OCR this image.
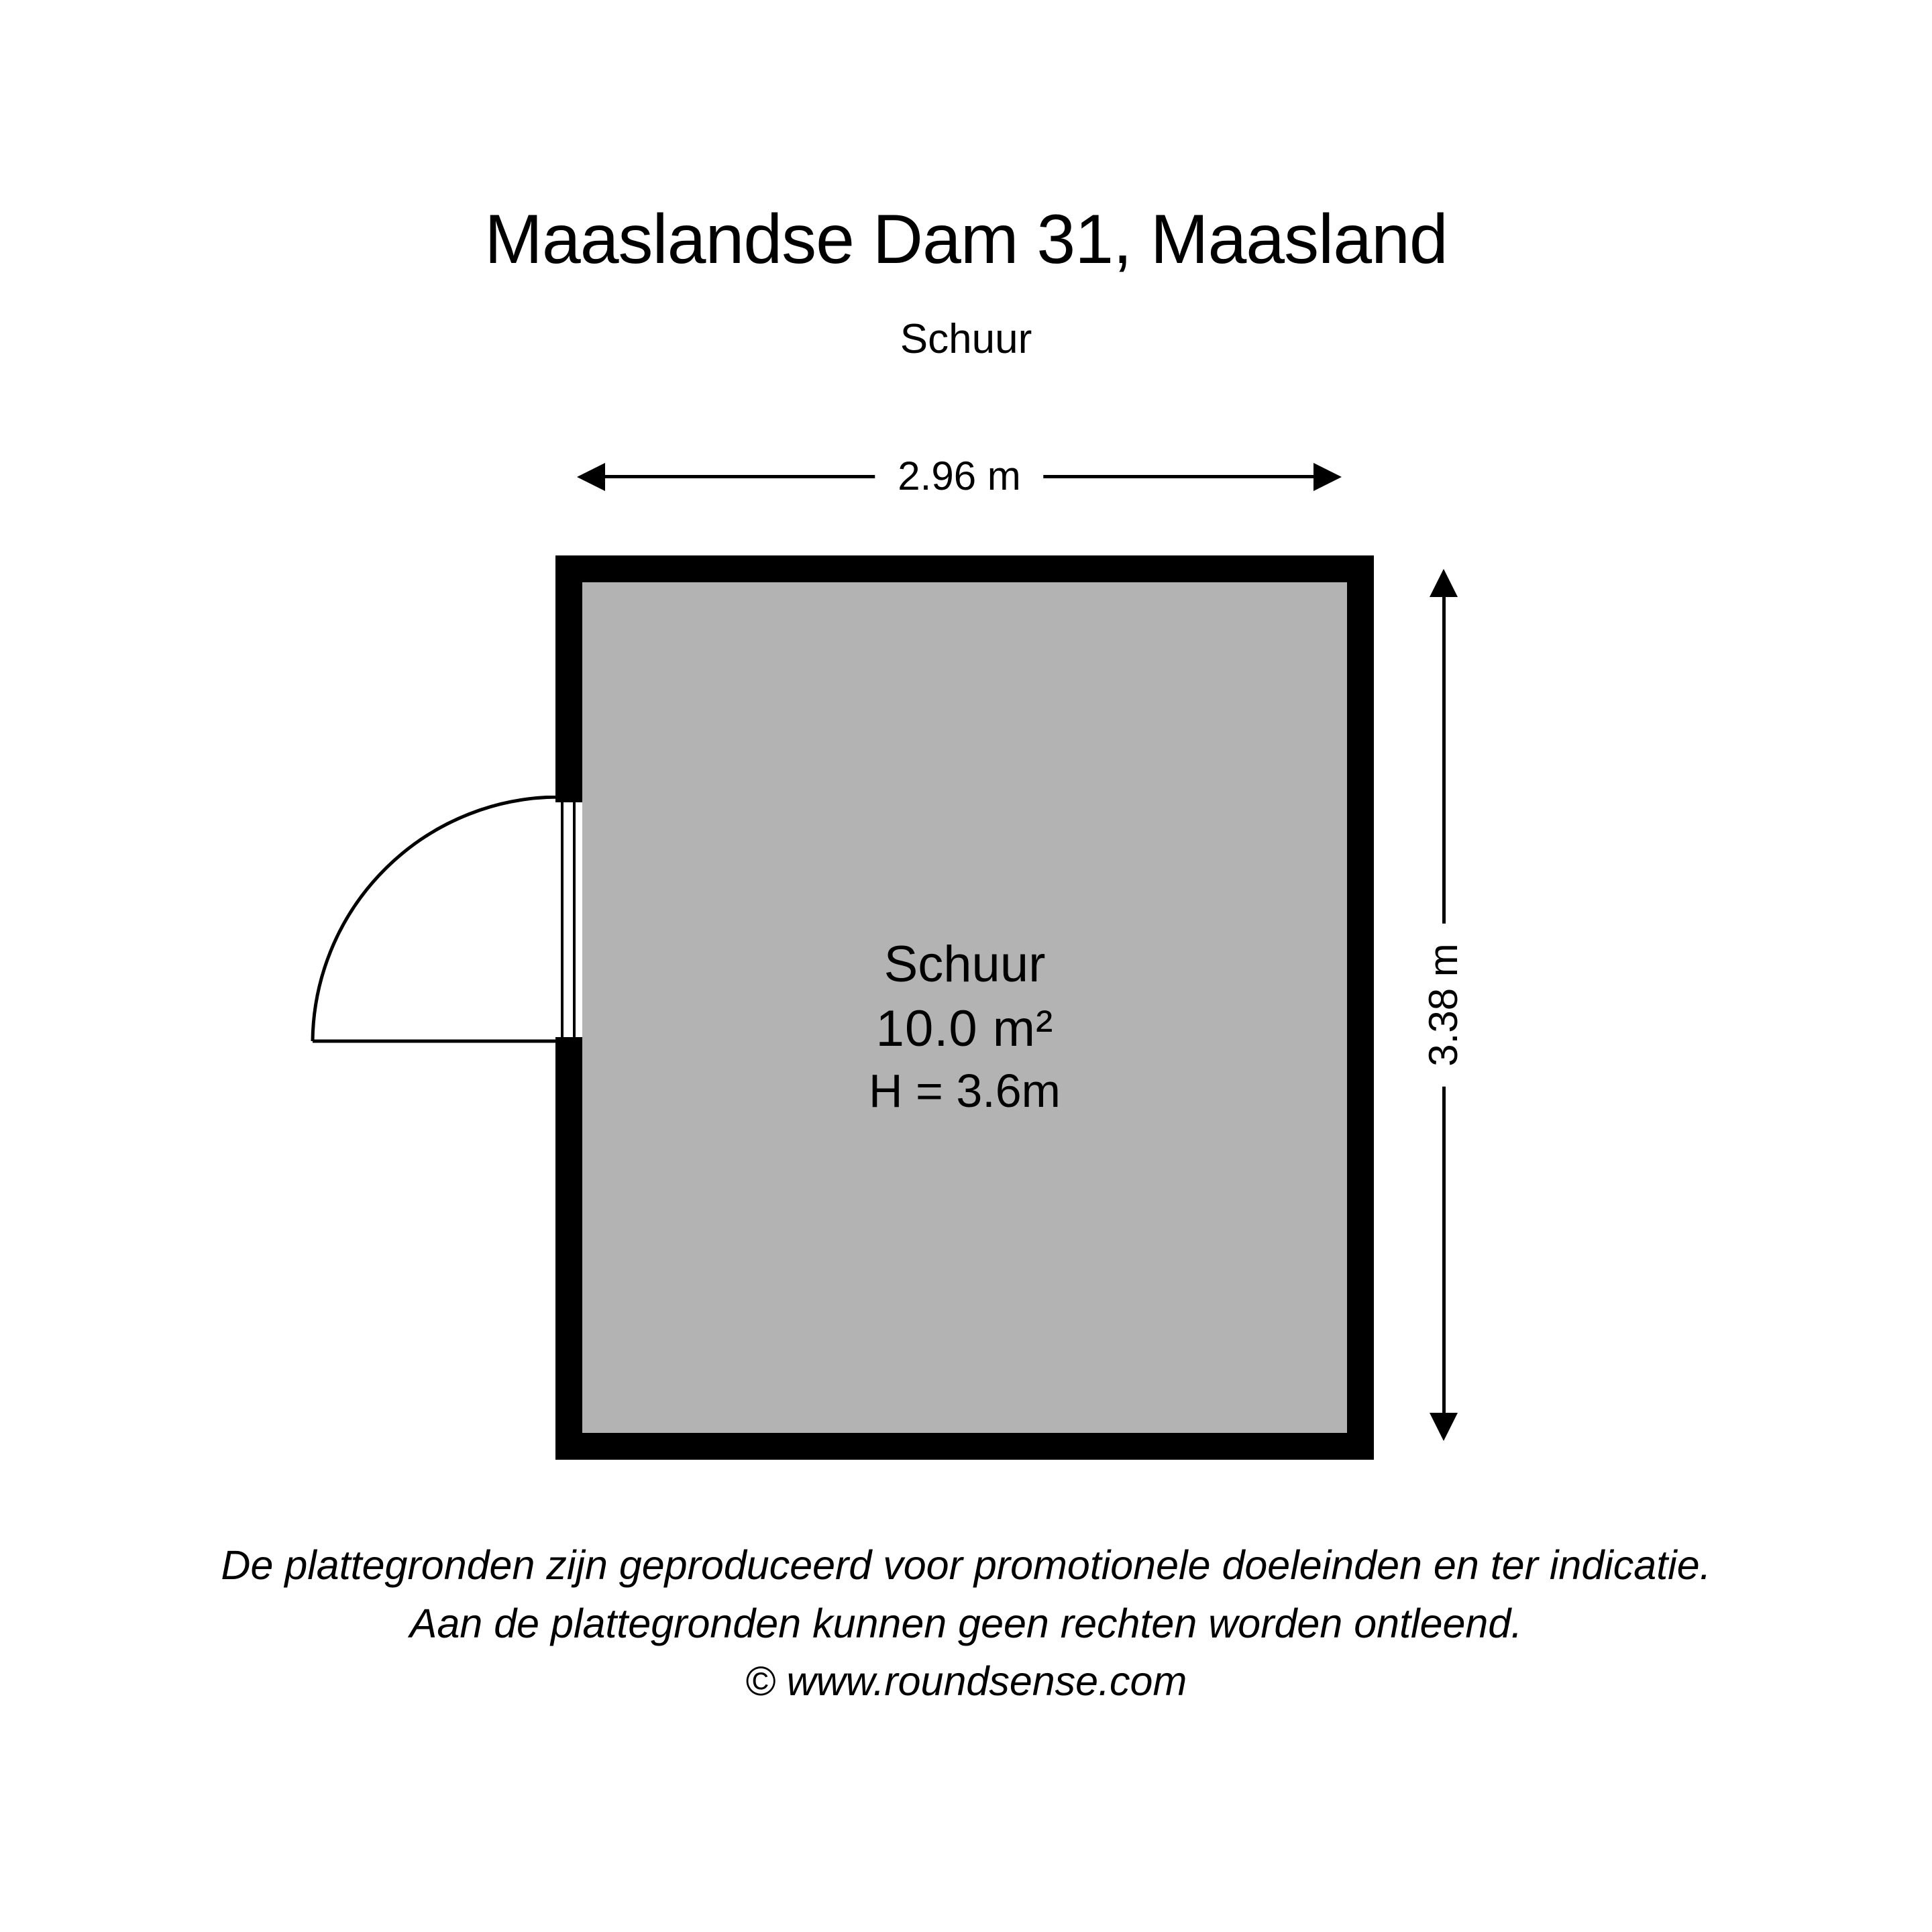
Maaslandse Dam 31, Maasland
Schuur
2.96 m
3.38 m
Schuur
10.0 m²
H = 3.6m
De plattegronden zijn geproduceerd voor promotionele doeleinden en ter indicatie.
Aan de plattegronden kunnen geen rechten worden ontleend.
© www.roundsense.com
